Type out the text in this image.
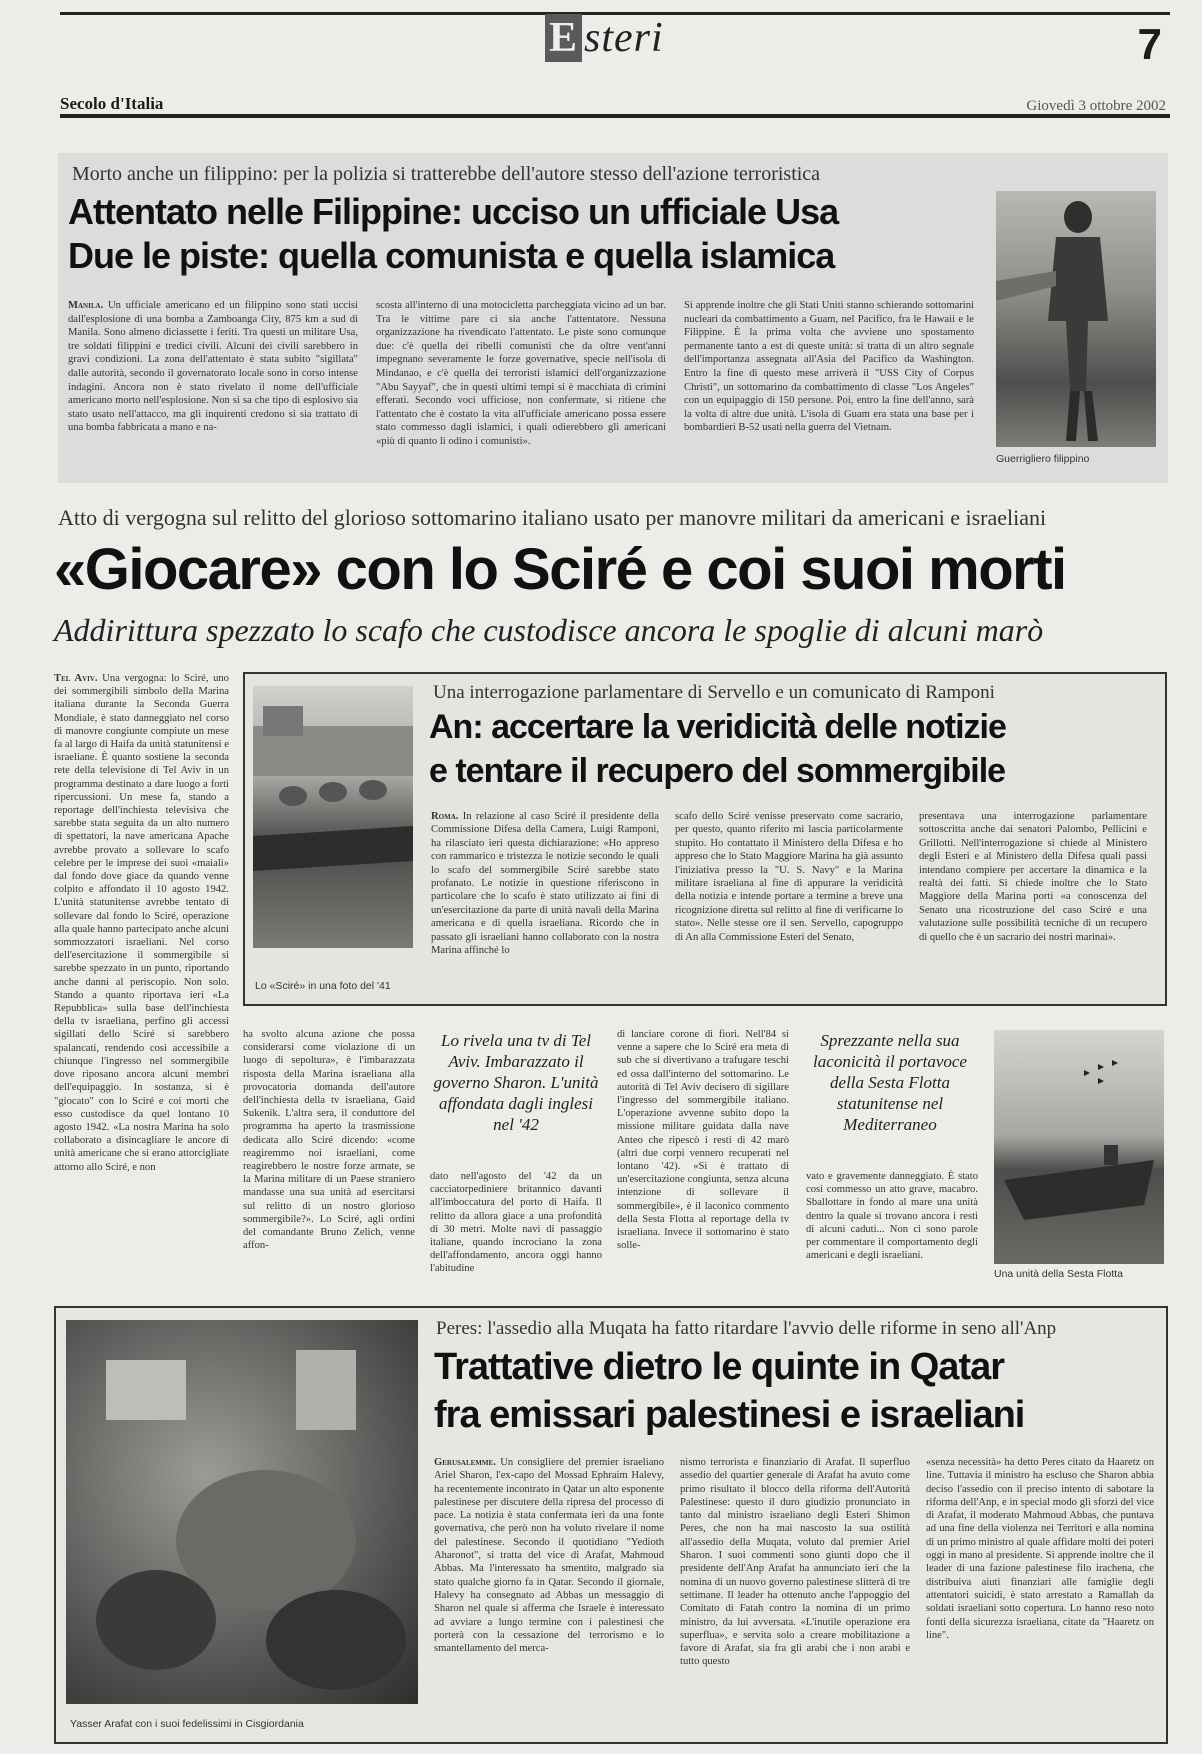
E steri	7
Secolo d'Italia	Giovedì 3 ottobre 2002
Morto anche un filippino: per la polizia si tratterebbe dell'autore stesso dell'azione terroristica
Attentato nelle Filippine: ucciso un ufficiale Usa
Due le piste: quella comunista e quella islamica
Manila. Un ufficiale americano ed un filippino sono stati uccisi dall'esplosione di una bomba a Zamboanga City, 875 km a sud di Manila. Sono almeno diciassette i feriti. Tra questi un militare Usa, tre soldati filippini e tredici civili. Alcuni dei civili sarebbero in gravi condizioni. La zona dell'attentato è stata subito "sigillata" dalle autorità, secondo il governatorato locale sono in corso intense indagini. Ancora non è stato rivelato il nome dell'ufficiale americano morto nell'esplosione. Non si sa che tipo di esplosivo sia stato usato nell'attacco, ma gli inquirenti credono si sia trattato di una bomba fabbricata a mano e na-
scosta all'interno di una motocicletta parcheggiata vicino ad un bar. Tra le vittime pare ci sia anche l'attentatore. Nessuna organizzazione ha rivendicato l'attentato. Le piste sono comunque due: c'è quella dei ribelli comunisti che da oltre vent'anni impegnano severamente le forze governative, specie nell'isola di Mindanao, e c'è quella dei terroristi islamici dell'organizzazione "Abu Sayyaf", che in questi ultimi tempi si è macchiata di crimini efferati. Secondo voci ufficiose, non confermate, si ritiene che l'attentato che è costato la vita all'ufficiale americano possa essere stato commesso dagli islamici, i quali odierebbero gli americani «più di quanto li odino i comunisti».
Si apprende inoltre che gli Stati Uniti stanno schierando sottomarini nucleari da combattimento a Guam, nel Pacifico, fra le Hawaii e le Filippine. È la prima volta che avviene uno spostamento permanente tanto a est di queste unità: si tratta di un altro segnale dell'importanza assegnata all'Asia del Pacifico da Washington. Entro la fine di questo mese arriverà il "USS City of Corpus Christi", un sottomarino da combattimento di classe "Los Angeles" con un equipaggio di 150 persone. Poi, entro la fine dell'anno, sarà la volta di altre due unità. L'isola di Guam era stata una base per i bombardieri B-52 usati nella guerra del Vietnam.
Guerrigliero filippino
Atto di vergogna sul relitto del glorioso sottomarino italiano usato per manovre militari da americani e israeliani
«Giocare» con lo Sciré e coi suoi morti
Addirittura spezzato lo scafo che custodisce ancora le spoglie di alcuni marò
Tel Aviv. Una vergogna: lo Sciré, uno dei sommergibili simbolo della Marina italiana durante la Seconda Guerra Mondiale, è stato danneggiato nel corso di manovre congiunte compiute un mese fa al largo di Haifa da unità statunitensi e israeliane. È quanto sostiene la seconda rete della televisione di Tel Aviv in un programma destinato a dare luogo a forti ripercussioni. Un mese fa, stando a reportage dell'inchiesta televisiva che sarebbe stata seguita da un alto numero di spettatori, la nave americana Apache avrebbe provato a sollevare lo scafo celebre per le imprese dei suoi «maiali» dal fondo dove giace da quando venne colpito e affondato il 10 agosto 1942. L'unità statunitense avrebbe tentato di sollevare dal fondo lo Sciré, operazione alla quale hanno partecipato anche alcuni sommozzatori israeliani. Nel corso dell'esercitazione il sommergibile si sarebbe spezzato in un punto, riportando anche danni al periscopio. Non solo. Stando a quanto riportava ieri «La Repubblica» sulla base dell'inchiesta della tv israeliana, perfino gli accessi sigillati dello Sciré si sarebbero spalancati, rendendo così accessibile a chiunque l'ingresso nel sommergibile dove riposano ancora alcuni membri dell'equipaggio. In sostanza, si è "giocato" con lo Sciré e coi morti che esso custodisce da quel lontano 10 agosto 1942. «La nostra Marina ha solo collaborato a disincagliare le ancore di unità americane che si erano attorcigliate attorno allo Sciré, e non
Lo «Sciré» in una foto del '41
Una interrogazione parlamentare di Servello e un comunicato di Ramponi
An: accertare la veridicità delle notizie
e tentare il recupero del sommergibile
Roma. In relazione al caso Sciré il presidente della Commissione Difesa della Camera, Luigi Ramponi, ha rilasciato ieri questa dichiarazione: «Ho appreso con rammarico e tristezza le notizie secondo le quali lo scafo del sommergibile Sciré sarebbe stato profanato. Le notizie in questione riferiscono in particolare che lo scafo è stato utilizzato ai fini di un'esercitazione da parte di unità navali della Marina americana e di quella israeliana. Ricordo che in passato gli israeliani hanno collaborato con la nostra Marina affinché lo
scafo dello Sciré venisse preservato come sacrario, per questo, quanto riferito mi lascia particolarmente stupito. Ho contattato il Ministero della Difesa e ho appreso che lo Stato Maggiore Marina ha già assunto l'iniziativa presso la "U. S. Navy" e la Marina militare israeliana al fine di appurare la veridicità della notizia e intende portare a termine a breve una ricognizione diretta sul relitto al fine di verificarne lo stato». Nelle stesse ore il sen. Servello, capogruppo di An alla Commissione Esteri del Senato,
presentava una interrogazione parlamentare sottoscritta anche dai senatori Palombo, Pellicini e Grillotti. Nell'interrogazione si chiede al Ministero degli Esteri e al Ministero della Difesa quali passi intendano compiere per accertare la dinamica e la realtà dei fatti. Si chiede inoltre che lo Stato Maggiore della Marina porti «a conoscenza del Senato una ricostruzione del caso Sciré e una valutazione sulle possibilità tecniche di un recupero di quello che è un sacrario dei nostri marinai».
ha svolto alcuna azione che possa considerarsi come violazione di un luogo di sepoltura», è l'imbarazzata risposta della Marina israeliana alla provocatoria domanda dell'autore dell'inchiesta della tv israeliana, Gaid Sukenik. L'altra sera, il conduttore del programma ha aperto la trasmissione dedicata allo Sciré dicendo: «come reagiremmo noi israeliani, come reagirebbero le nostre forze armate, se la Marina militare di un Paese straniero mandasse una sua unità ad esercitarsi sul relitto di un nostro glorioso sommergibile?». Lo Sciré, agli ordini del comandante Bruno Zelich, venne affon-
Lo rivela una tv di Tel Aviv. Imbarazzato il governo Sharon. L'unità affondata dagli inglesi nel '42
dato nell'agosto del '42 da un cacciatorpediniere britannico davanti all'imboccatura del porto di Haifa. Il relitto da allora giace a una profondità di 30 metri. Molte navi di passaggio italiane, quando incrociano la zona dell'affondamento, ancora oggi hanno l'abitudine
di lanciare corone di fiori. Nell'84 si venne a sapere che lo Sciré era meta di sub che si divertivano a trafugare teschi ed ossa dall'interno del sottomarino. Le autorità di Tel Aviv decisero di sigillare l'ingresso del sommergibile italiano. L'operazione avvenne subito dopo la missione militare guidata dalla nave Anteo che ripescò i resti di 42 marò (altri due corpi vennero recuperati nel lontano '42). «Si è trattato di un'esercitazione congiunta, senza alcuna intenzione di sollevare il sommergibile», è il laconico commento della Sesta Flotta al reportage della tv israeliana. Invece il sottomarino è stato solle-
Sprezzante nella sua laconicità il portavoce della Sesta Flotta statunitense nel Mediterraneo
vato e gravemente danneggiato. È stato così commesso un atto grave, macabro. Sballottare in fondo al mare una unità dentro la quale si trovano ancora i resti di alcuni caduti... Non ci sono parole per commentare il comportamento degli americani e degli israeliani.
Una unità della Sesta Flotta
Yasser Arafat con i suoi fedelissimi in Cisgiordania
Peres: l'assedio alla Muqata ha fatto ritardare l'avvio delle riforme in seno all'Anp
Trattative dietro le quinte in Qatar
fra emissari palestinesi e israeliani
Gerusalemme. Un consigliere del premier israeliano Ariel Sharon, l'ex-capo del Mossad Ephraim Halevy, ha recentemente incontrato in Qatar un alto esponente palestinese per discutere della ripresa del processo di pace. La notizia è stata confermata ieri da una fonte governativa, che però non ha voluto rivelare il nome del palestinese. Secondo il quotidiano "Yedioth Aharonot", si tratta del vice di Arafat, Mahmoud Abbas. Ma l'interessato ha smentito, malgrado sia stato qualche giorno fa in Qatar. Secondo il giornale, Halevy ha consegnato ad Abbas un messaggio di Sharon nel quale si afferma che Israele è interessato ad avviare a lungo termine con i palestinesi che porterà con la cessazione del terrorismo e lo smantellamento del merca-
nismo terrorista e finanziario di Arafat. Il superfluo assedio del quartier generale di Arafat ha avuto come primo risultato il blocco della riforma dell'Autorità Palestinese: questo il duro giudizio pronunciato in tanto dal ministro israeliano degli Esteri Shimon Peres, che non ha mai nascosto la sua ostilità all'assedio della Muqata, voluto dal premier Ariel Sharon. I suoi commenti sono giunti dopo che il presidente dell'Anp Arafat ha annunciato ieri che la nomina di un nuovo governo palestinese slitterà di tre settimane. Il leader ha ottenuto anche l'appoggio del Comitato di Fatah contro la nomina di un primo ministro, da lui avversata. «L'inutile operazione era superflua», e servita solo a creare mobilitazione a favore di Arafat, sia fra gli arabi che i non arabi e tutto questo
«senza necessità» ha detto Peres citato da Haaretz on line. Tuttavia il ministro ha escluso che Sharon abbia deciso l'assedio con il preciso intento di sabotare la riforma dell'Anp, e in special modo gli sforzi del vice di Arafat, il moderato Mahmoud Abbas, che puntava ad una fine della violenza nei Territori e alla nomina di un primo ministro al quale affidare molti dei poteri oggi in mano al presidente. Si apprende inoltre che il leader di una fazione palestinese filo irachena, che distribuiva aiuti finanziari alle famiglie degli attentatori suicidi, è stato arrestato a Ramallah da soldati israeliani sotto copertura. Lo hanno reso noto fonti della sicurezza israeliana, citate da "Haaretz on line".
